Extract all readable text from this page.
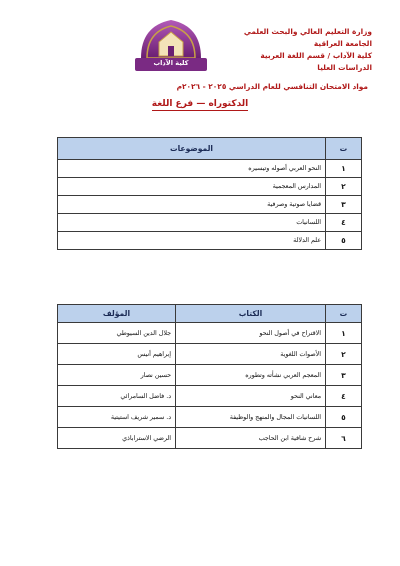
وزارة التعليم العالي والبحث العلمي
الجامعة العراقية
كلية الآداب / قسم اللغة العربية
الدراسات العليا
كلية الآداب
مواد الامتحان التنافسي للعام الدراسي ٢٠٢٥ - ٢٠٢٦م
الدكتوراه — فرع اللغة
ت	الموضوعات
١	النحو العربي أصوله وتيسيره
٢	المدارس المعجمية
٣	قضايا صوتية وصرفية
٤	اللسانيات
٥	علم الدلالة
ت	الكتاب	المؤلف
١	الاقتراح في أصول النحو	جلال الدين السيوطي
٢	الأصوات اللغوية	إبراهيم أنيس
٣	المعجم العربي نشأته وتطوره	حسين نصار
٤	معاني النحو	د. فاضل السامرائي
٥	اللسانيات المجال والمنهج والوظيفة	د. سمير شريف استيتية
٦	شرح شافية ابن الحاجب	الرضي الاستراباذي
